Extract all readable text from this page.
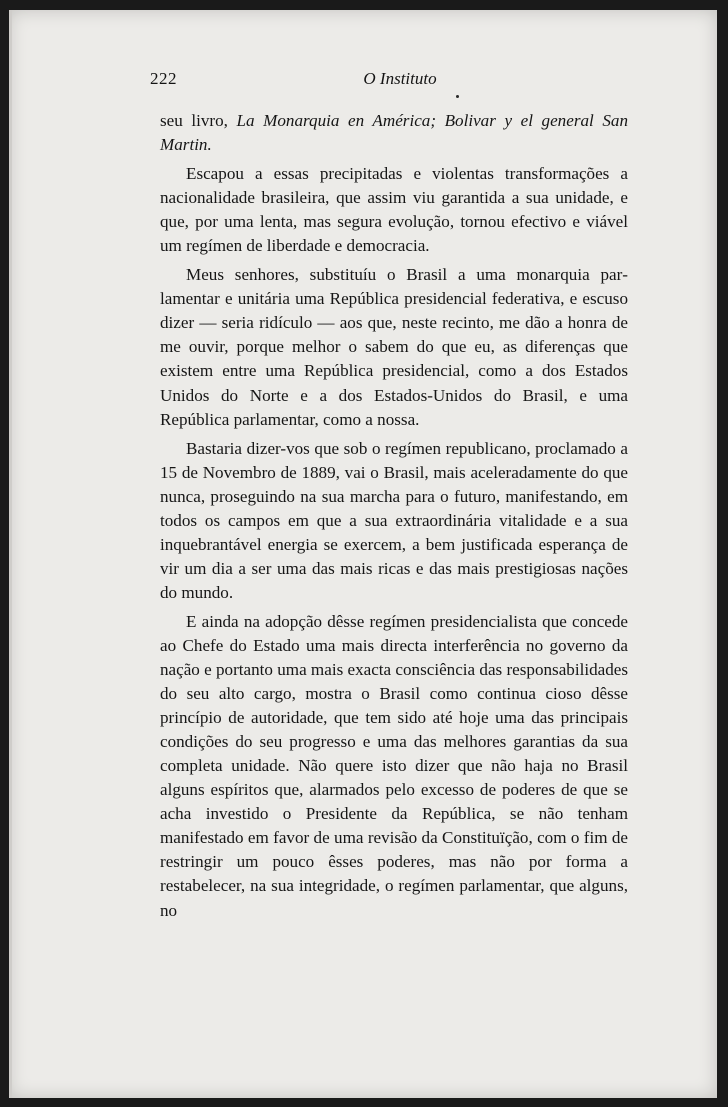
222	O Instituto

seu livro, La Monarquia en América; Bolivar y el general San Martin.

Escapou a essas precipitadas e violentas transformações a nacionalidade brasileira, que assim viu garantida a sua unidade, e que, por uma lenta, mas segura evolução, tornou efectivo e viável um regímen de liberdade e democracia.

Meus senhores, substituíu o Brasil a uma monarquia parlamentar e unitária uma República presidencial federativa, e escuso dizer — seria ridículo — aos que, neste recinto, me dão a honra de me ouvir, porque melhor o sabem do que eu, as diferenças que existem entre uma República presidencial, como a dos Estados Unidos do Norte e a dos Estados-Unidos do Brasil, e uma República parlamentar, como a nossa.

Bastaria dizer-vos que sob o regímen republicano, proclamado a 15 de Novembro de 1889, vai o Brasil, mais aceleradamente do que nunca, proseguindo na sua marcha para o futuro, manifestando, em todos os campos em que a sua extraordinária vitalidade e a sua inquebrantável energia se exercem, a bem justificada esperança de vir um dia a ser uma das mais ricas e das mais prestigiosas nações do mundo.

E ainda na adopção dêsse regímen presidencialista que concede ao Chefe do Estado uma mais directa interferência no governo da nação e portanto uma mais exacta consciência das responsabilidades do seu alto cargo, mostra o Brasil como continua cioso dêsse princípio de autoridade, que tem sido até hoje uma das principais condições do seu progresso e uma das melhores garantias da sua completa unidade. Não quere isto dizer que não haja no Brasil alguns espíritos que, alarmados pelo excesso de poderes de que se acha investido o Presidente da República, se não tenham manifestado em favor de uma revisão da Constituïção, com o fim de restringir um pouco êsses poderes, mas não por forma a restabelecer, na sua integridade, o regímen parlamentar, que alguns, no
